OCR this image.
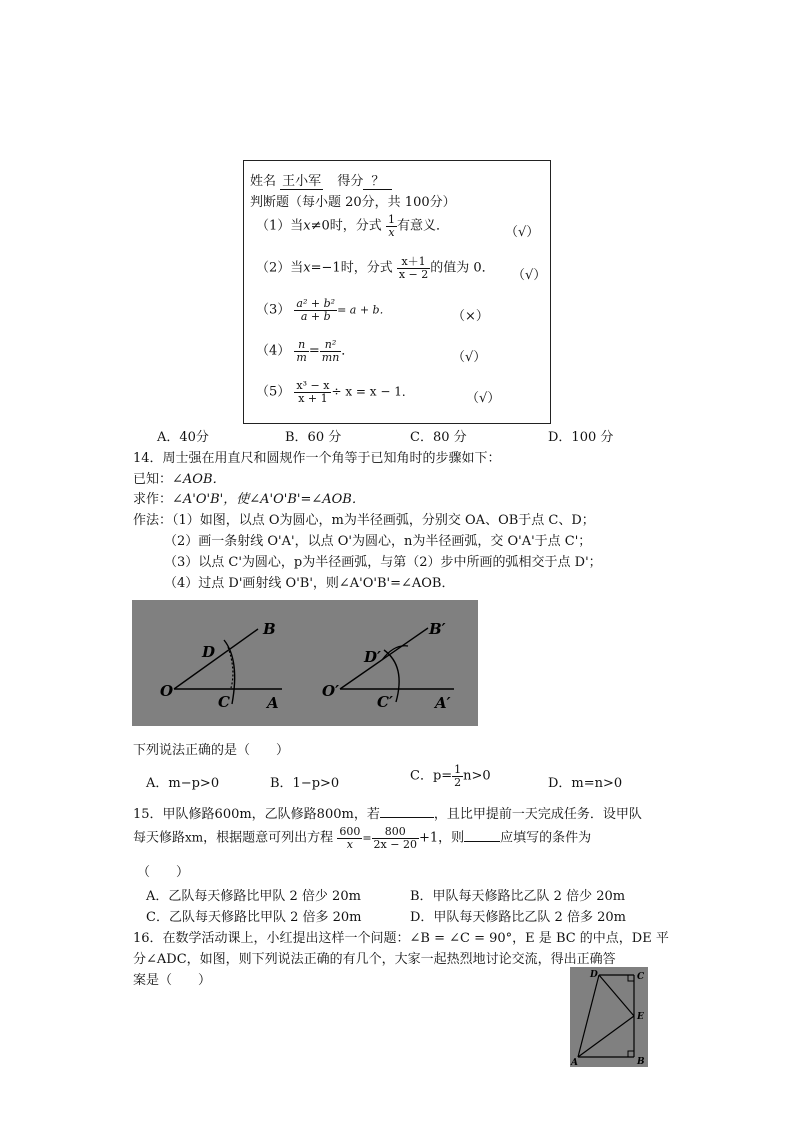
姓名 王小军 得分 ？
判断题（每小题 20分，共 100分）
（1）当x≠0时，分式 $\frac{1}{x}$ 有意义．	（√）
（2）当x=−1时，分式 $\frac{x+1}{x - 2}$ 的值为 0． （√）
$(3) \frac{\text{a² + b²}}{a + b} = a + b$．	（×）
$(4) \frac{n}{m} = \frac{\text{n²}}{mn}$ ．	（√）
$(5) \frac{\text{x³ − x}}{x + 1} \div x = x - 1$．	（√）
A．40分	B．60 分	C．80 分	D．100 分
14．周士强在用直尺和圆规作一个角等于已知角时的步骤如下：
已知：∠AOB．
求作：∠A'O'B'，使∠A'O'B'=∠AOB．
作法：（1）如图，以点 O为圆心，m为半径画弧，分别交 OA、OB于点 C、D；
（2）画一条射线 O'A'，以点 O'为圆心，n为半径画弧，交 O'A'于点 C'；
（3）以点 C'为圆心，p为半径画弧，与第（2）步中所画的弧相交于点 D'；
（4）过点 D'画射线 O'B'，则∠A'O'B'=∠AOB．
O
C A
B
D
O′
C′	A′
B′
D′
下列说法正确的是（　　）
A．m−p>0	B．1−p>0	C．$p= \frac{1}{2} n>0$	D．m=n>0
15．甲队修路600m，乙队修路800m，若	，且比甲提前一天完成任务．设甲队
每天修路xm，根据题意可列出方程 $\frac{600}{x} = \frac{800}{2x - 20} +1$，则	应填写的条件为
（　　）
A．乙队每天修路比甲队 2 倍少 20m	B．甲队每天修路比乙队 2 倍少 20m
C．乙队每天修路比甲队 2 倍多 20m	D．甲队每天修路比乙队 2 倍多 20m
16．在数学活动课上，小红提出这样一个问题：∠B = ∠C = 90°，E 是 BC 的中点，DE 平
分∠ADC，如图，则下列说法正确的有几个，大家一起热烈地讨论交流，得出正确答
案是（　　）	D	C
E
A	B
